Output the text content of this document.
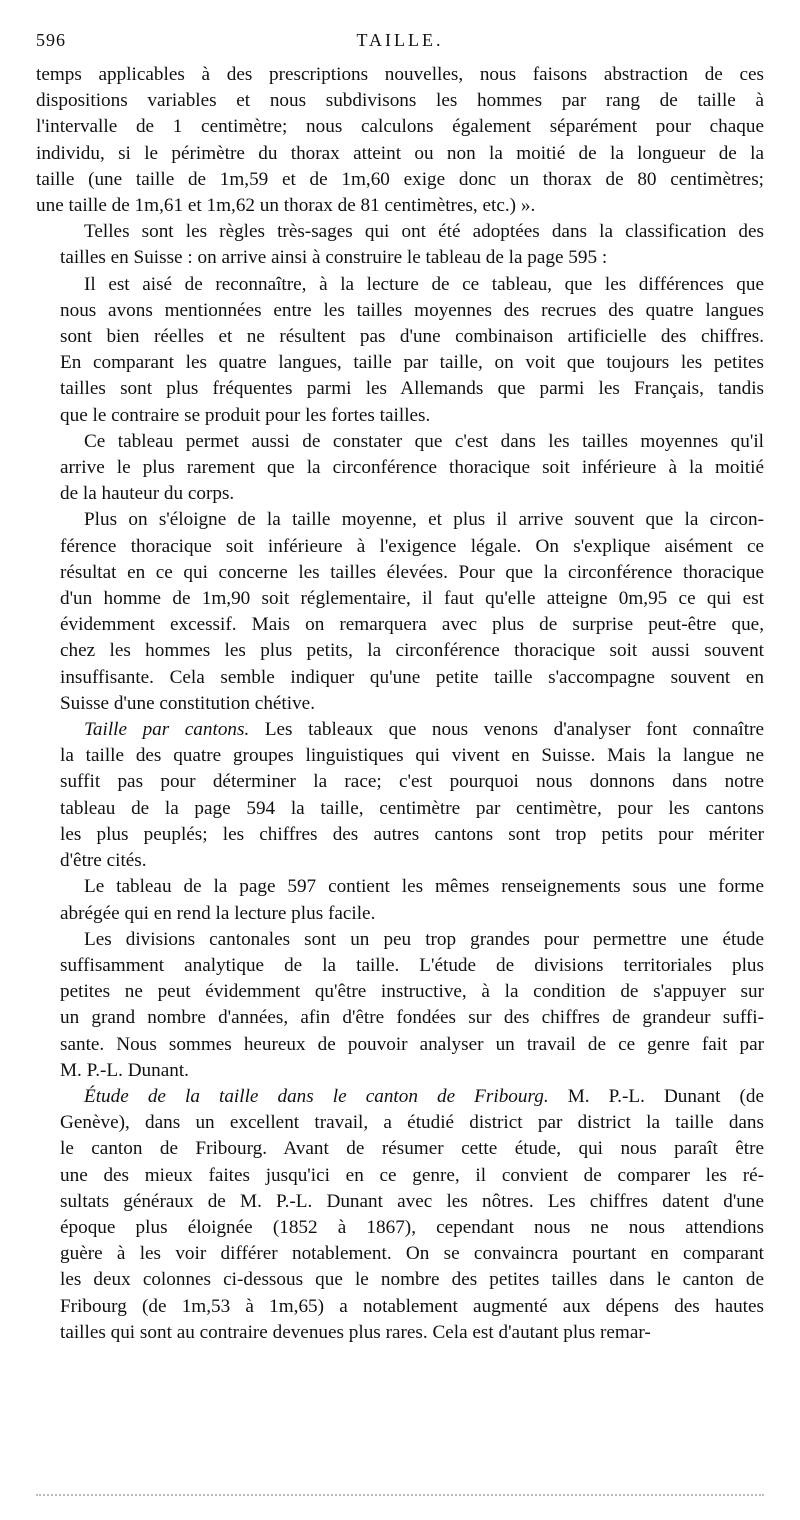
596	TAILLE.

temps applicables à des prescriptions nouvelles, nous faisons abstraction de ces
dispositions variables et nous subdivisons les hommes par rang de taille à
l'intervalle de 1 centimètre; nous calculons également séparément pour chaque
individu, si le périmètre du thorax atteint ou non la moitié de la longueur de la
taille (une taille de 1m,59 et de 1m,60 exige donc un thorax de 80 centimètres;
une taille de 1m,61 et 1m,62 un thorax de 81 centimètres, etc.) ».

Telles sont les règles très-sages qui ont été adoptées dans la classification des
tailles en Suisse : on arrive ainsi à construire le tableau de la page 595 :

Il est aisé de reconnaître, à la lecture de ce tableau, que les différences que
nous avons mentionnées entre les tailles moyennes des recrues des quatre langues
sont bien réelles et ne résultent pas d'une combinaison artificielle des chiffres.
En comparant les quatre langues, taille par taille, on voit que toujours les petites
tailles sont plus fréquentes parmi les Allemands que parmi les Français, tandis
que le contraire se produit pour les fortes tailles.

Ce tableau permet aussi de constater que c'est dans les tailles moyennes qu'il
arrive le plus rarement que la circonférence thoracique soit inférieure à la moitié
de la hauteur du corps.

Plus on s'éloigne de la taille moyenne, et plus il arrive souvent que la circon-
férence thoracique soit inférieure à l'exigence légale. On s'explique aisément ce
résultat en ce qui concerne les tailles élevées. Pour que la circonférence thoracique
d'un homme de 1m,90 soit réglementaire, il faut qu'elle atteigne 0m,95 ce qui est
évidemment excessif. Mais on remarquera avec plus de surprise peut-être que,
chez les hommes les plus petits, la circonférence thoracique soit aussi souvent
insuffisante. Cela semble indiquer qu'une petite taille s'accompagne souvent en
Suisse d'une constitution chétive.

Taille par cantons. Les tableaux que nous venons d'analyser font connaître
la taille des quatre groupes linguistiques qui vivent en Suisse. Mais la langue ne
suffit pas pour déterminer la race; c'est pourquoi nous donnons dans notre
tableau de la page 594 la taille, centimètre par centimètre, pour les cantons
les plus peuplés; les chiffres des autres cantons sont trop petits pour mériter
d'être cités.

Le tableau de la page 597 contient les mêmes renseignements sous une forme
abrégée qui en rend la lecture plus facile.

Les divisions cantonales sont un peu trop grandes pour permettre une étude
suffisamment analytique de la taille. L'étude de divisions territoriales plus
petites ne peut évidemment qu'être instructive, à la condition de s'appuyer sur
un grand nombre d'années, afin d'être fondées sur des chiffres de grandeur suffi-
sante. Nous sommes heureux de pouvoir analyser un travail de ce genre fait par
M. P.-L. Dunant.

Étude de la taille dans le canton de Fribourg. M. P.-L. Dunant (de
Genève), dans un excellent travail, a étudié district par district la taille dans
le canton de Fribourg. Avant de résumer cette étude, qui nous paraît être
une des mieux faites jusqu'ici en ce genre, il convient de comparer les ré-
sultats généraux de M. P.-L. Dunant avec les nôtres. Les chiffres datent d'une
époque plus éloignée (1852 à 1867), cependant nous ne nous attendions
guère à les voir différer notablement. On se convaincra pourtant en comparant
les deux colonnes ci-dessous que le nombre des petites tailles dans le canton de
Fribourg (de 1m,53 à 1m,65) a notablement augmenté aux dépens des hautes
tailles qui sont au contraire devenues plus rares. Cela est d'autant plus remar-
